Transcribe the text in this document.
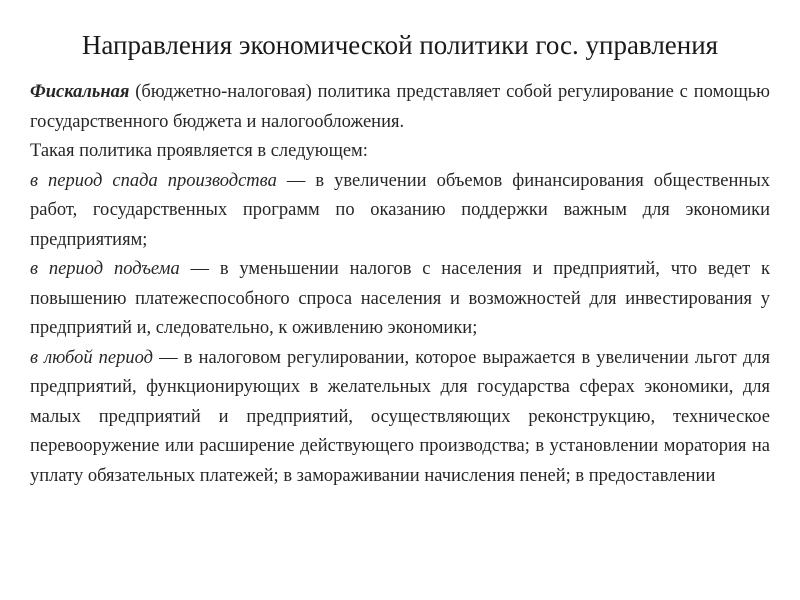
Направления экономической политики гос. управления

Фискальная (бюджетно-налоговая) политика представляет собой регулирование с помощью государственного бюджета и налогообложения.

Такая политика проявляется в следующем:

в период спада производства — в увеличении объемов финансирования общественных работ, государственных программ по оказанию поддержки важным для экономики предприятиям;

в период подъема — в уменьшении налогов с населения и предприятий, что ведет к повышению платежеспособного спроса населения и возможностей для инвестирования у предприятий и, следовательно, к оживлению экономики;

в любой период — в налоговом регулировании, которое выражается в увеличении льгот для предприятий, функционирующих в желательных для государства сферах экономики, для малых предприятий и предприятий, осуществляющих реконструкцию, техническое перевооружение или расширение действующего производства; в установлении моратория на уплату обязательных платежей; в замораживании начисления пеней; в предоставлении
